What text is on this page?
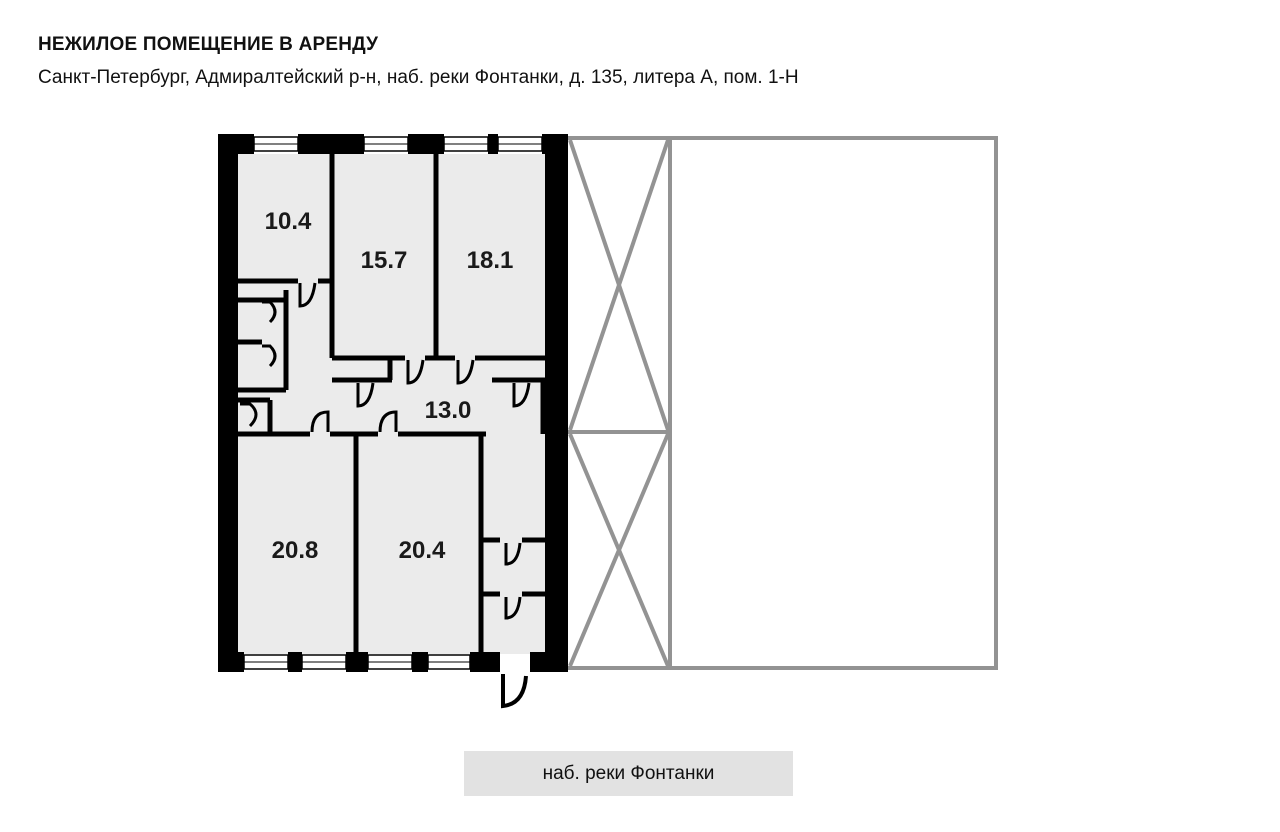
НЕЖИЛОЕ ПОМЕЩЕНИЕ В АРЕНДУ
Санкт-Петербург, Адмиралтейский р-н, наб. реки Фонтанки, д. 135, литера А, пом. 1-Н
10.4
15.7 18.1
13.0
20.8	20.4
наб. реки Фонтанки
